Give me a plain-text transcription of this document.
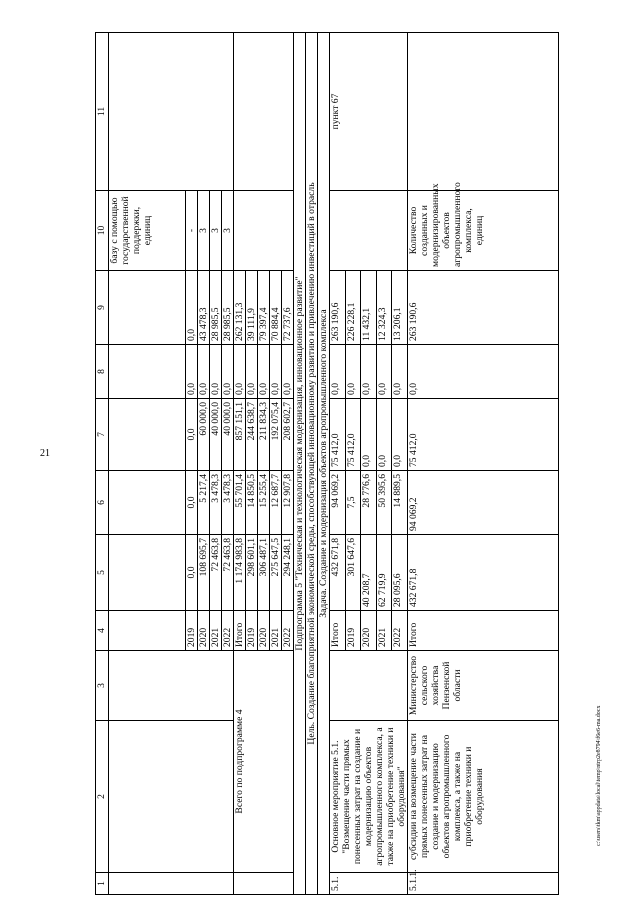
21
c:\users\tkm\appdata\local\temp\ntrp2e8794\f6e6-ma.docx
1	2	3	4	5	6	7	8	9	10	11
									базу с помощью государственной поддержки, единиц	
			2019	0,0	0,0	0,0	0,0	0,0	-	
			2020	108 695,7	5 217,4	60 000,0	0,0	43 478,3	3	
			2021	72 463,8	3 478,3	40 000,0	0,0	28 985,5	3	
			2022	72 463,8	3 478,3	40 000,0	0,0	28 985,5	3	
	Всего по подпрограмме 4		Итого	1 174 983,8	55 701,4	857 151,1	0,0	262 131,3		
			2019	298 601,1	14 850,5	244 638,7	0,0	39 111,9		
			2020	306 487,1	15 255,4	211 834,3	0,0	79 397,4		
			2021	275 647,5	12 687,7	192 075,4	0,0	70 884,4		
			2022	294 248,1	12 907,8	208 602,7	0,0	72 737,6		
Подпрограмма 5 "Техническая и технологическая модернизация, инновационное развитие"										
Цель. Создание благоприятной экономической среды, способствующей инновационному развитию и привлечению инвестиций в отрасль										
Задача. Создание и модернизация объектов агропромышленного комплекса										
5.1.	Основное мероприятие 5.1. "Возмещение части прямых понесенных затрат на создание и модернизацию объектов агропромышленного комплекса, а также на приобретение техники и оборудования"		Итого	432 671,8	94 069,2	75 412,0	0,0	263 190,6		пункт 67
			2019	301 647,6	7,5	75 412,0	0,0	226 228,1		
			2020	40 208,7	28 776,6	0,0	0,0	11 432,1		
			2021	62 719,9	50 395,6	0,0	0,0	12 324,3		
			2022	28 095,6	14 889,5	0,0	0,0	13 206,1		
5.1.1.	субсидии на возмещение части прямых понесенных затрат на создание и модернизацию объектов агропромышленного комплекса, а также на приобретение техники и оборудования	Министерство сельского хозяйства Пензенской области	Итого	432 671,8	94 069,2	75 412,0	0,0	263 190,6	Количество созданных и модернизированных объектов агропромышленного комплекса, единиц	
